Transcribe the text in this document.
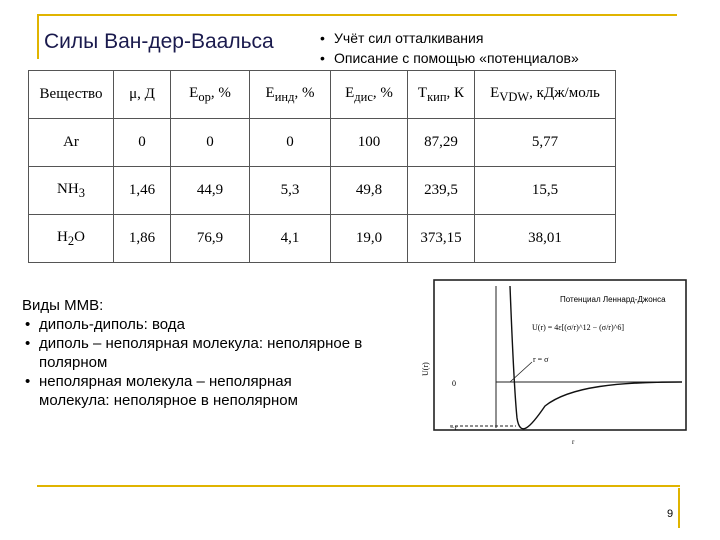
Силы Ван-дер-Ваальса	• Учёт сил отталкивания
• Описание с помощью «потенциалов»
Вещество	μ, Д	$E_{ор}$, %	$E_{инд}$, %	$E_{дис}$, %	$T_{кип}$, К	$E_{VDW}$, кДж/моль
Ar	0	0	0	100	87,29	5,77
$NH_3$	1,46	44,9	5,3	49,8	239,5	15,5
$H_2O$	1,86	76,9	4,1	19,0	373,15	38,01
Виды ММВ:
• диполь-диполь: вода
• диполь – неполярная молекула: неполярное в полярном
• неполярная молекула – неполярная молекула: неполярное в неполярном
Потенциал Леннард-Джонса
U(r) = 4ε[(σ/r)^12 − (σ/r)^6]
U(r)
0
−ε
r = σ
r
9
